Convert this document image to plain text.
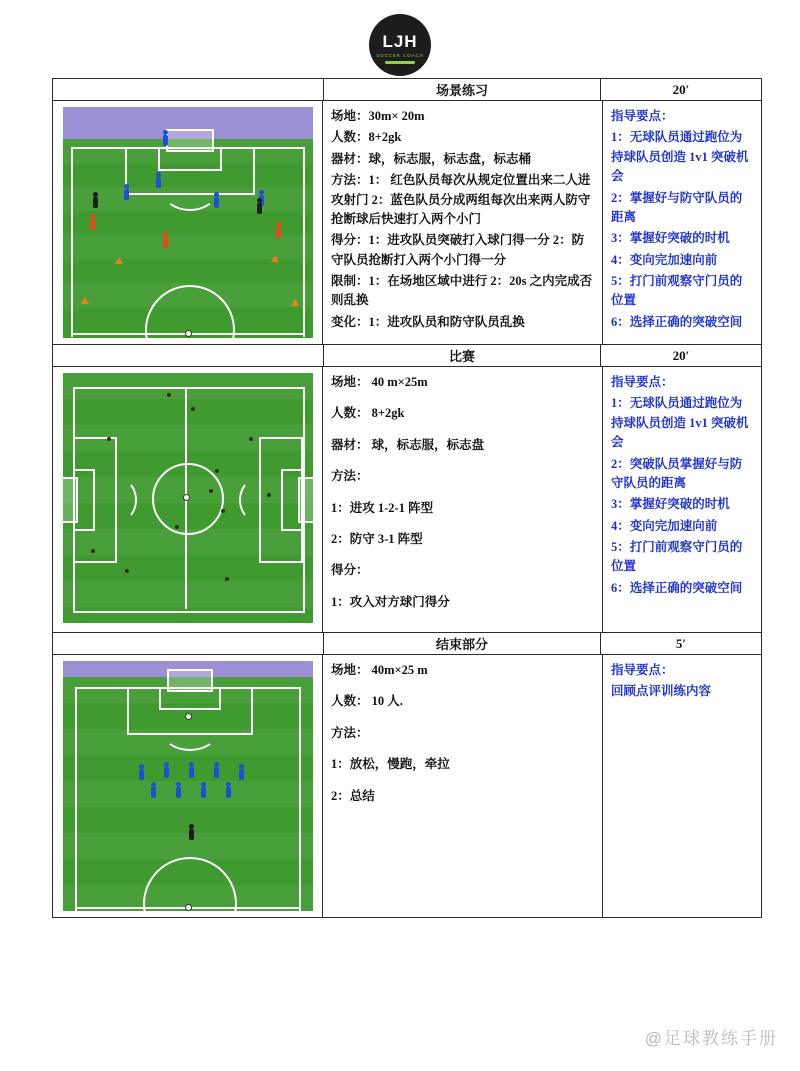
LJH
SOCCER COACH
场景练习	20′

场地：30m× 20m

人数：8+2gk

器材：球，标志服，标志盘，标志桶

方法：1： 红色队员每次从规定位置出来二人进攻射门 2：蓝色队员分成两组每次出来两人防守抢断球后快速打入两个小门

得分：1：进攻队员突破打入球门得一分 2：防守队员抢断打入两个小门得一分

限制：1：在场地区域中进行 2：20s 之内完成否则乱换

变化：1：进攻队员和防守队员乱换

指导要点：

1：无球队员通过跑位为持球队员创造 1v1 突破机会

2：掌握好与防守队员的距离

3：掌握好突破的时机

4：变向完加速向前

5：打门前观察守门员的位置

6：选择正确的突破空间

比赛	20′

场地： 40 m×25m

人数： 8+2gk

器材： 球，标志服，标志盘

方法：

1：进攻 1-2-1 阵型

2：防守 3-1 阵型

得分：

1：攻入对方球门得分

指导要点：

1：无球队员通过跑位为持球队员创造 1v1 突破机会

2：突破队员掌握好与防守队员的距离

3：掌握好突破的时机

4：变向完加速向前

5：打门前观察守门员的位置

6：选择正确的突破空间

结束部分	5′

场地： 40m×25 m

人数： 10 人.

方法：

1：放松，慢跑，牵拉

2：总结

指导要点：

回顾点评训练内容

@足球教练手册
